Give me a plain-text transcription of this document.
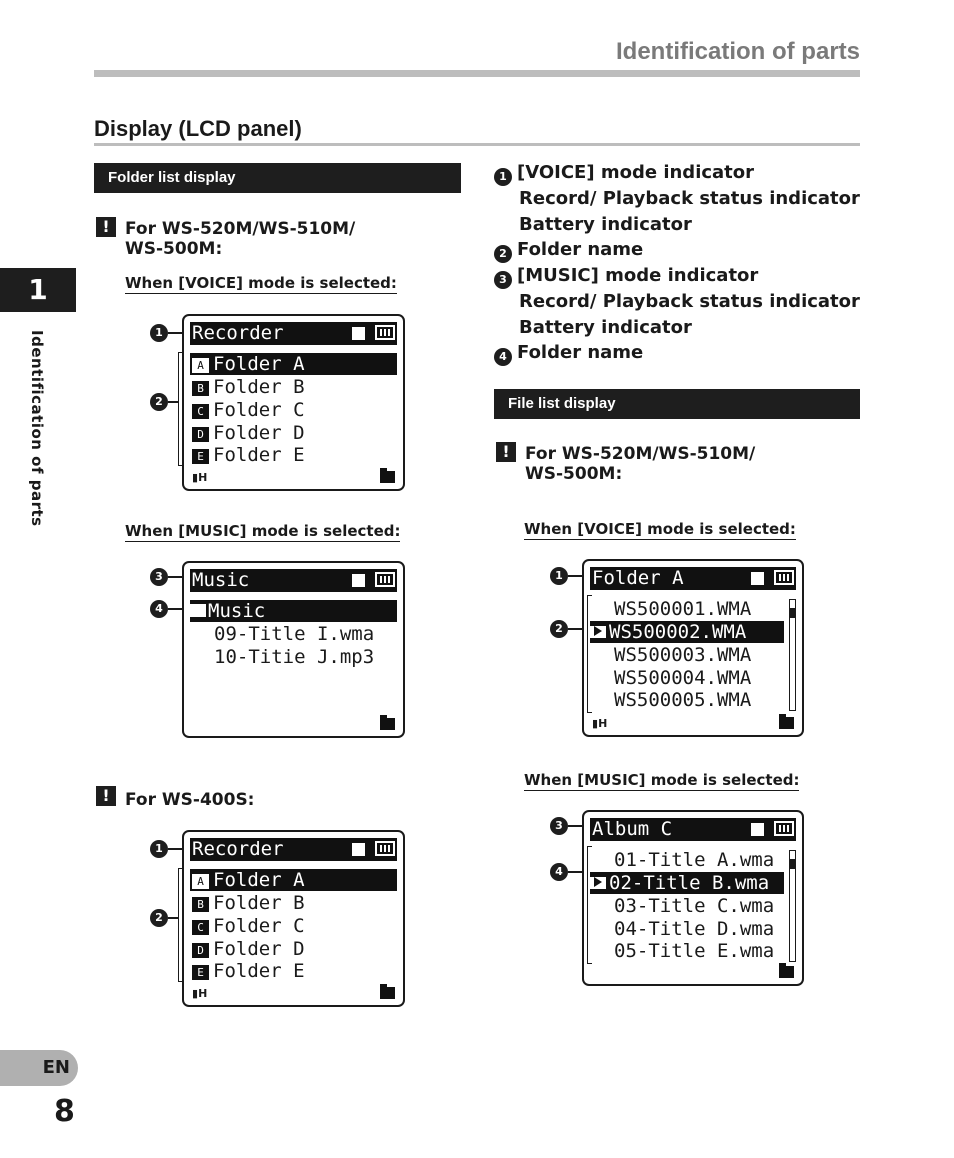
Identification of parts
Display (LCD panel)
1
Identification of parts
Folder list display
! For WS-520M/WS-510M/
WS-500M:
When [VOICE] mode is selected:
1
2
Recorder
A Folder A
B Folder B
C Folder C
D Folder D
E Folder E
▮H
When [MUSIC] mode is selected:
3
4
Music
Music
09-Title I.wma
10-Titie J.mp3
! For WS-400S:
1
2
Recorder
A Folder A
B Folder B
C Folder C
D Folder D
E Folder E
▮H
1 [VOICE] mode indicator
Record/ Playback status indicator
Battery indicator
2 Folder name
3 [MUSIC] mode indicator
Record/ Playback status indicator
Battery indicator
4 Folder name
File list display
! For WS-520M/WS-510M/
WS-500M:
When [VOICE] mode is selected:
1
2
Folder A
WS500001.WMA
WS500002.WMA
WS500003.WMA
WS500004.WMA
WS500005.WMA
▮H
When [MUSIC] mode is selected:
3
4
Album C
01-Title A.wma
02-Title B.wma
03-Title C.wma
04-Title D.wma
05-Title E.wma
EN
8
